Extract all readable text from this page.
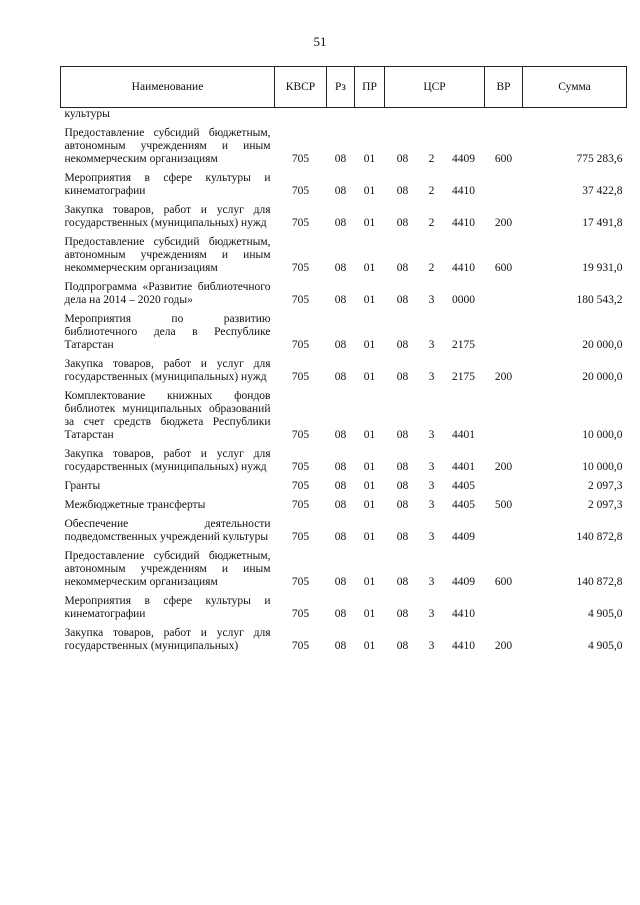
51
Наименование	КВСР	Рз	ПР	ЦСР			ВР	Сумма
культуры								
Предоставление субсидий бюджетным, автономным учреждениям и иным некоммерческим организациям	705	08	01	08	2	4409	600	775 283,6
Мероприятия в сфере культуры и кинематографии	705	08	01	08	2	4410		37 422,8
Закупка товаров, работ и услуг для государственных (муниципальных) нужд	705	08	01	08	2	4410	200	17 491,8
Предоставление субсидий бюджетным, автономным учреждениям и иным некоммерческим организациям	705	08	01	08	2	4410	600	19 931,0
Подпрограмма «Развитие библиотечного дела на 2014 – 2020 годы»	705	08	01	08	3	0000		180 543,2
Мероприятия по развитию библиотечного дела в Республике Татарстан	705	08	01	08	3	2175		20 000,0
Закупка товаров, работ и услуг для государственных (муниципальных) нужд	705	08	01	08	3	2175	200	20 000,0
Комплектование книжных фондов библиотек муниципальных образований за счет средств бюджета Республики Татарстан	705	08	01	08	3	4401		10 000,0
Закупка товаров, работ и услуг для государственных (муниципальных) нужд	705	08	01	08	3	4401	200	10 000,0
Гранты	705	08	01	08	3	4405		2 097,3
Межбюджетные трансферты	705	08	01	08	3	4405	500	2 097,3
Обеспечение деятельности подведомственных учреждений культуры	705	08	01	08	3	4409		140 872,8
Предоставление субсидий бюджетным, автономным учреждениям и иным некоммерческим организациям	705	08	01	08	3	4409	600	140 872,8
Мероприятия в сфере культуры и кинематографии	705	08	01	08	3	4410		4 905,0
Закупка товаров, работ и услуг для государственных (муниципальных)	705	08	01	08	3	4410	200	4 905,0
